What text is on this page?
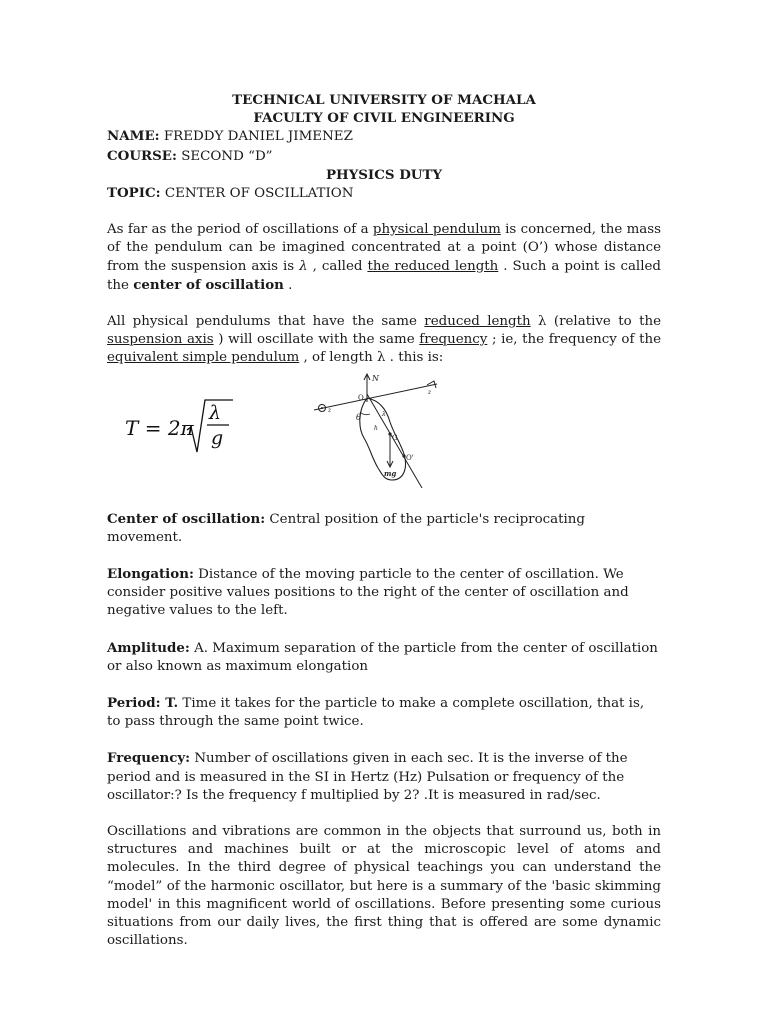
TECHNICAL UNIVERSITY OF MACHALA
FACULTY OF CIVIL ENGINEERING
NAME: FREDDY DANIEL JIMENEZ
COURSE: SECOND “D”
PHYSICS DUTY
TOPIC: CENTER OF OSCILLATION

As far as the period of oscillations of a physical pendulum is concerned, the mass of the pendulum can be imagined concentrated at a point (O’) whose distance from the suspension axis is λ , called the reduced length . Such a point is called the center of oscillation .

All physical pendulums that have the same reduced length λ (relative to the suspension axis ) will oscillate with the same frequency ; ie, the frequency of the equivalent simple pendulum , of length λ . this is:

T = 2π
λ
g
N
O
z
z
θ
h
G
O'
mg
λ

Center of oscillation: Central position of the particle's reciprocating movement.

Elongation: Distance of the moving particle to the center of oscillation. We consider positive values positions to the right of the center of oscillation and negative values to the left.

Amplitude: A. Maximum separation of the particle from the center of oscillation or also known as maximum elongation

Period: T. Time it takes for the particle to make a complete oscillation, that is, to pass through the same point twice.

Frequency: Number of oscillations given in each sec. It is the inverse of the period and is measured in the SI in Hertz (Hz) Pulsation or frequency of the oscillator:? Is the frequency f multiplied by 2? .It is measured in rad/sec.

Oscillations and vibrations are common in the objects that surround us, both in structures and machines built or at the microscopic level of atoms and molecules. In the third degree of physical teachings you can understand the “model” of the harmonic oscillator, but here is a summary of the 'basic skimming model' in this magnificent world of oscillations. Before presenting some curious situations from our daily lives, the first thing that is offered are some dynamic oscillations.
